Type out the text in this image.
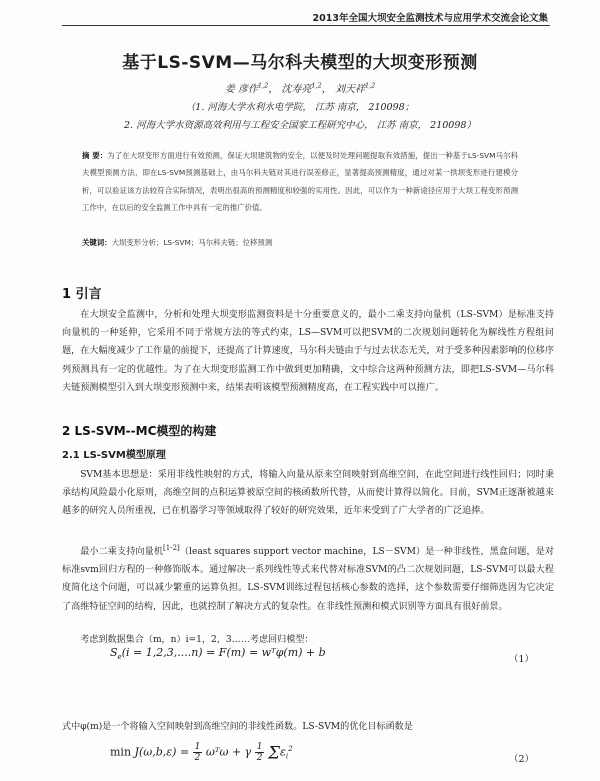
2013年全国大坝安全监测技术与应用学术交流会论文集
基于LS-SVM—马尔科夫模型的大坝变形预测
姜 彦作$^{1,2}$， 沈寿亮$^{1,2}$， 刘天祥$^{1,2}$
（1. 河海大学水利水电学院， 江苏 南京， 210098；
2. 河海大学水资源高效利用与工程安全国家工程研究中心， 江苏 南京， 210098）
摘 要：为了在大坝变形方面进行有效预测，保证大坝建筑物的安全，以便及时处理问题提取有效措施，提出一种基于LS-SVM马尔科夫模型预测方法，即在LS-SVM预测基础上，由马尔科夫链对其进行误差修正，显著提高预测精度，通过对某一拱坝变形进行建模分析，可以验证该方法较符合实际情况，表明出很高的预测精度和较强的实用性。因此，可以作为一种新途径应用于大坝工程变形预测工作中，在以后的安全监测工作中具有一定的推广价值。
关键词：大坝变形分析；LS-SVM；马尔科夫链；位移预测
1 引言

在大坝安全监测中，分析和处理大坝变形监测资料是十分重要意义的，最小二乘支持向量机（LS-SVM）是标准支持向量机的一种延伸，它采用不同于常规方法的等式约束，LS—SVM可以把SVM的二次规划问题转化为解线性方程组问题，在大幅度减少了工作量的前提下，还提高了计算速度，马尔科夫链由于与过去状态无关，对于受多种因素影响的位移序列预测具有一定的优越性。为了在大坝变形监测工作中做到更加精确，文中综合这两种预测方法，即把LS-SVM—马尔科夫链预测模型引入到大坝变形预测中来，结果表明该模型预测精度高，在工程实践中可以推广。

2 LS-SVM--MC模型的构建
2.1 LS-SVM模型原理

SVM基本思想是：采用非线性映射的方式，将输入向量从原来空间映射到高维空间，在此空间进行线性回归；同时秉承结构风险最小化原则，高维空间的点积运算被原空间的核函数所代替，从而使计算得以简化。目前，SVM正逐渐被越来越多的研究人员所重视，已在机器学习等领域取得了较好的研究效果，近年来受到了广大学者的广泛追捧。

最小二乘支持向量机[1-2]（least squares support vector machine，LS－SVM）是一种非线性，黑盒问题，是对标准svm回归方程的一种修饰版本。通过解决一系列线性等式来代替对标准SVM的凸二次规划问题，LS-SVM可以最大程度简化这个问题，可以减少繁重的运算负担。LS-SVM训练过程包括核心参数的选择，这个参数需要仔细筛选因为它决定了高维特征空间的结构，因此，也就控制了解决方式的复杂性。在非线性预测和模式识别等方面具有很好前景。

考虑到数据集合（m，n）i=1，2，3……考虑回归模型：

$S_e(i = 1,2,3,....n) = F(m)$ = wᵀφ(m) + b
（1）

式中φ(m)是一个将输入空间映射到高维空间的非线性函数。LS-SVM的优化目标函数是

$\min J(\omega,b,\varepsilon) = \frac{1}{2}$ ωᵀω + γ $\frac{1}{2} \Sigma\varepsilon_i^2$
（2）
